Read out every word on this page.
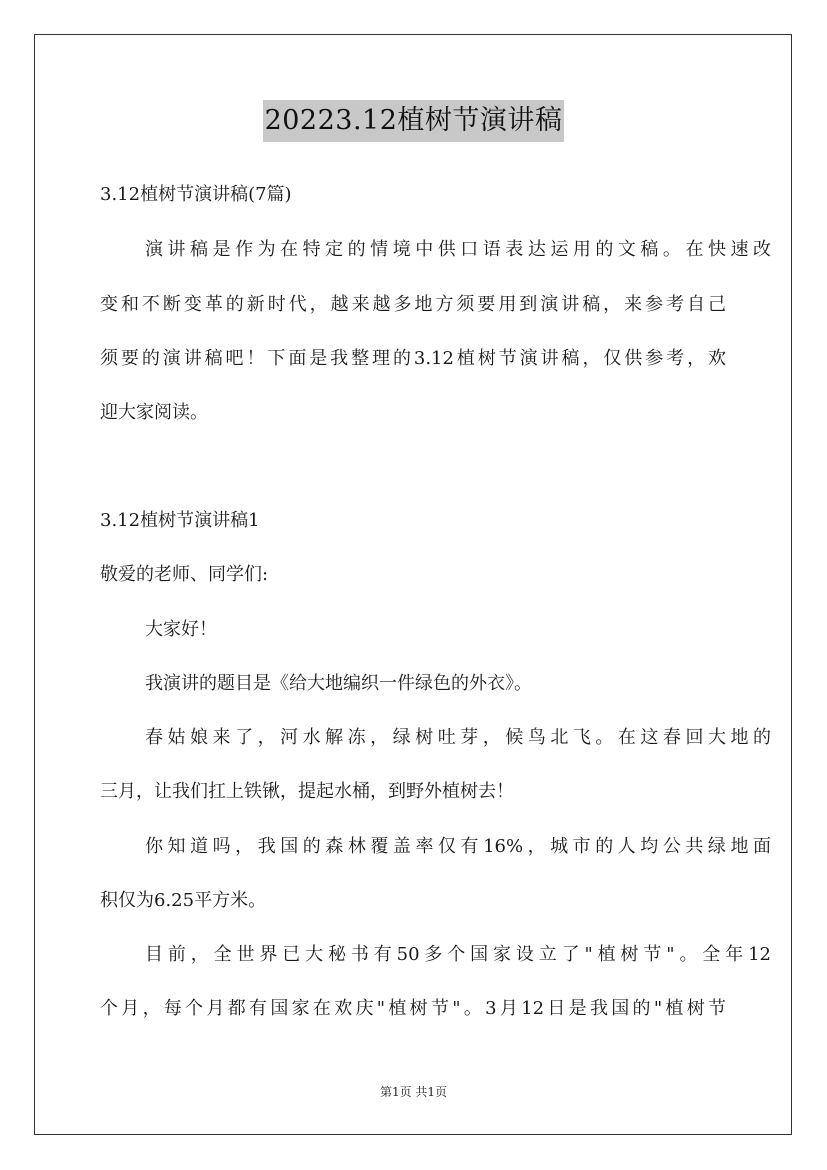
20223.12植树节演讲稿
3.12植树节演讲稿(7篇)
演讲稿是作为在特定的情境中供口语表达运用的文稿。在快速改
变和不断变革的新时代，越来越多地方须要用到演讲稿，来参考自己
须要的演讲稿吧！下面是我整理的3.12植树节演讲稿，仅供参考，欢
迎大家阅读。
3.12植树节演讲稿1
敬爱的老师、同学们:
大家好！
我演讲的题目是《给大地编织一件绿色的外衣》。
春姑娘来了，河水解冻，绿树吐芽，候鸟北飞。在这春回大地的
三月，让我们扛上铁锹，提起水桶，到野外植树去！
你知道吗，我国的森林覆盖率仅有16%，城市的人均公共绿地面
积仅为6.25平方米。
目前，全世界已大秘书有50多个国家设立了"植树节"。全年12
个月，每个月都有国家在欢庆"植树节"。3月12日是我国的"植树节
第1页 共1页
